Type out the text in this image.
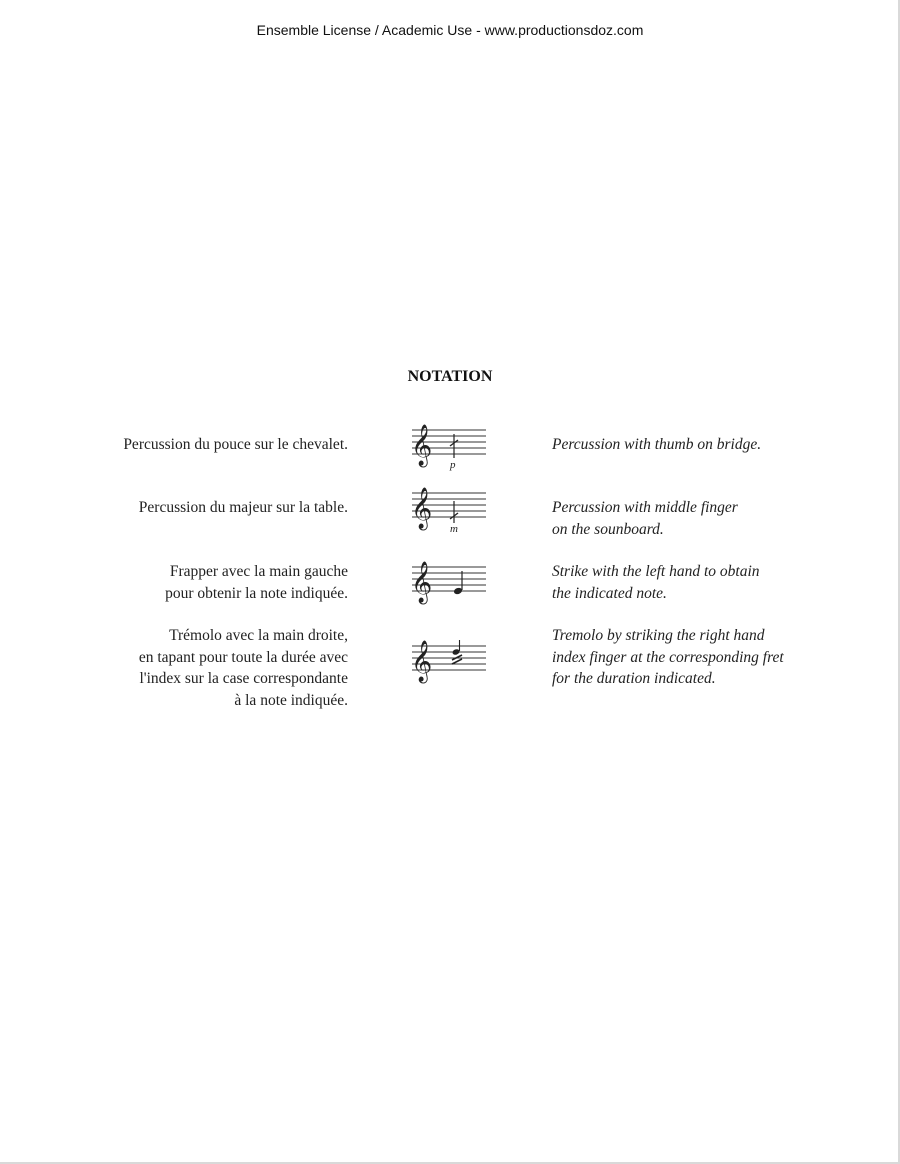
Ensemble License / Academic Use - www.productionsdoz.com
NOTATION
Percussion du pouce sur le chevalet. 𝄞 p
Percussion with thumb on bridge.
Percussion du majeur sur la table. 𝄞 m
Percussion with middle finger
on the sounboard.
Frapper avec la main gauche
pour obtenir la note indiquée. 𝄞	Strike with the left hand to obtain
the indicated note.
Trémolo avec la main droite,
en tapant pour toute la durée avec
l'index sur la case correspondante
à la note indiquée.
𝄞
Tremolo by striking the right hand
index finger at the corresponding fret
for the duration indicated.
